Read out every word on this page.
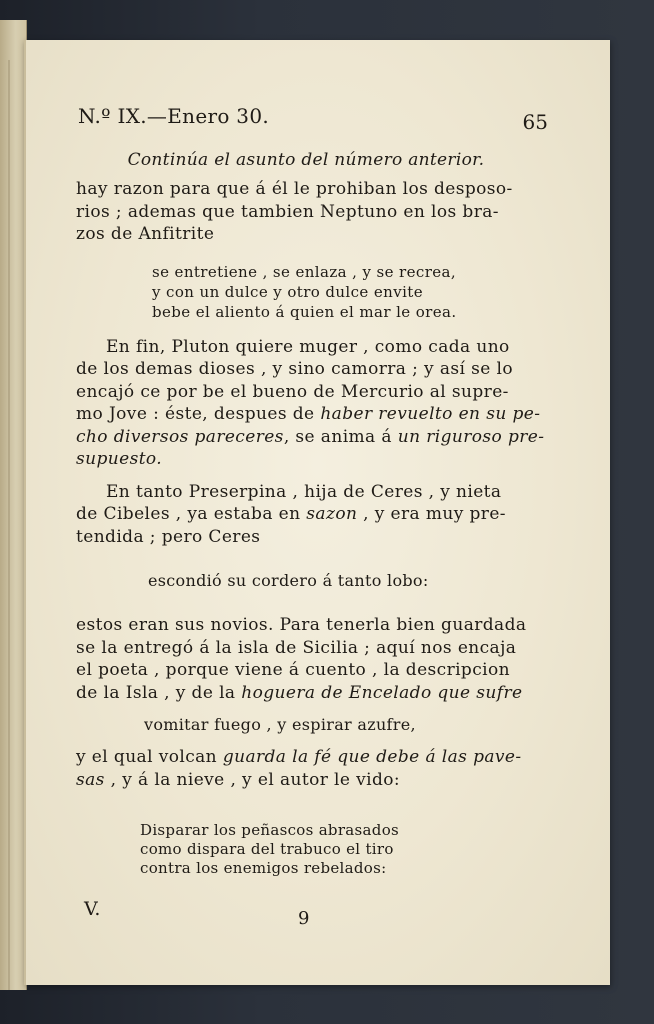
N.º IX.—Enero 30.	65
Continúa el asunto del número anterior.

hay razon para que á él le prohiban los desposo-
rios ; ademas que tambien Neptuno en los bra-
zos de Anfitrite

se entretiene , se enlaza , y se recrea,
y con un dulce y otro dulce envite
bebe el aliento á quien el mar le orea.

En fin, Pluton quiere muger , como cada uno
de los demas dioses , y sino camorra ; y así se lo
encajó ce por be el bueno de Mercurio al supre-
mo Jove : éste, despues de haber revuelto en su pe-
cho diversos pareceres, se anima á un riguroso pre-
supuesto.

En tanto Preserpina , hija de Ceres , y nieta
de Cibeles , ya estaba en sazon , y era muy pre-
tendida ; pero Ceres

escondió su cordero á tanto lobo:

estos eran sus novios. Para tenerla bien guardada
se la entregó á la isla de Sicilia ; aquí nos encaja
el poeta , porque viene á cuento , la descripcion
de la Isla , y de la hoguera de Encelado que sufre

vomitar fuego , y espirar azufre,

y el qual volcan guarda la fé que debe á las pave-
sas , y á la nieve , y el autor le vido:

Disparar los peñascos abrasados
como dispara del trabuco el tiro
contra los enemigos rebelados:
V.	9
